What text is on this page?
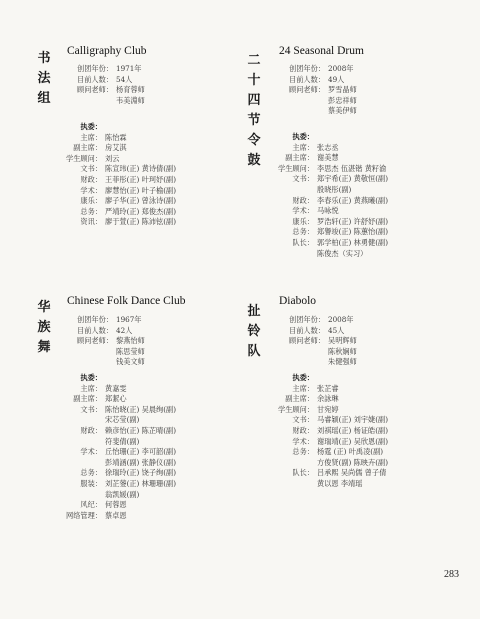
书
法
组
Calligraphy Club
创团年份： 1971年
目前人数： 54人
顾问老师： 杨育蓉师
韦美淵师
执委：
主席： 陈怡霖
副主席： 房艾淇
学生顾问： 刘云
文书： 陈宣玮(正) 黄诗倩(副)
财政： 王菲彤(正) 叶珂妤(副)
学术： 廖慧怡(正) 叶子榆(副)
康乐： 廖子华(正) 曾泳诗(副)
总务： 严靖玲(正) 郑俊杰(副)
资讯： 廖于萱(正) 陈沛铉(副)
二
十
四
节
令
鼓
24 Seasonal Drum
创团年份： 2008年
目前人数： 49人
顾问老师： 罗雪晶师
彭忠祥师
蔡美伊师
执委：
主席： 张志丞
副主席： 谢美慧
学生顾问： 李思杰 伍湛锴 黄籽渝
文书： 郑宇希(正) 黄敬恒(副)
殷晓彤(副)
财政： 李春乐(正) 黄燕曦(副)
学术： 马咏悦
康乐： 罗浩轩(正) 许舒妤(副)
总务： 郑譽竣(正) 陈蕙怡(副)
队长： 郭学柏(正) 林勇健(副)
陈俊杰（实习）
华
族
舞
Chinese Folk Dance Club
创团年份： 1967年
目前人数： 42人
顾问老师： 黎燕怡师
陈思莹师
钱美文师
执委：
主席： 黄嘉雯
副主席： 郑絜心
文书： 陈怡晓(正) 吴晨绚(副)
宋芯莹(副)
财政： 赖彦怡(正) 陈芷晴(副)
符斐倩(副)
学术： 丘怡珊(正) 李可韶(副)
彭靖涵(副) 张静仪(副)
总务： 徐瑞玲(正) 饶子绚(副)
服装： 刘芷蓥(正) 林珊珊(副)
翁凯媛(副)
风纪： 何蓉恩
网络管理： 蔡卓恩
扯
铃
队
Diabolo
创团年份： 2008年
目前人数： 45人
顾问老师： 吴明辉师
陈秋娴师
朱健强师
执委：
主席： 张芷睿
副主席： 余詠琳
学生顾问： 甘宛婷
文书： 马睿颖(正) 刘宇婕(副)
财政： 刘祺瑶(正) 杨证皓(副)
学术： 谢瑞靖(正) 吴欣恩(副)
总务： 杨霆 (正) 叶禹凌(副)
方俊贤(副) 陈映卉(副)
队长： 吕承熙 吴尚儒 曾子倩
黄以恩 李靖瑶
283
